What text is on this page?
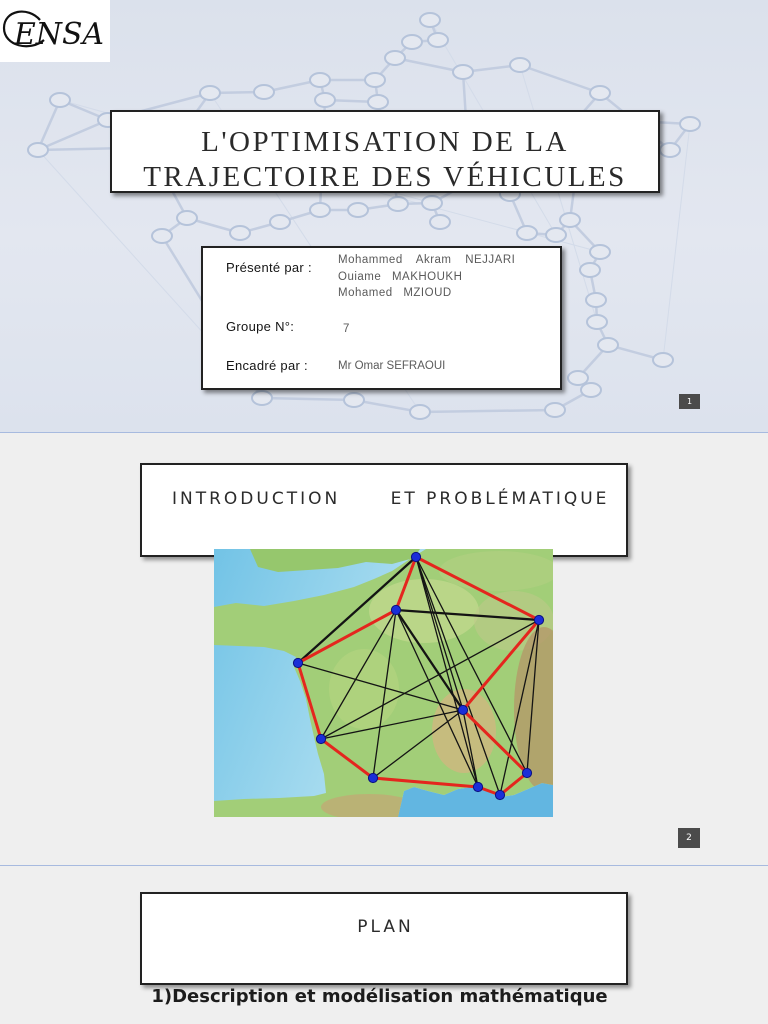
ENSA
L'OPTIMISATION DE LA
TRAJECTOIRE DES VÉHICULES
Présenté par : Mohammed Akram NEJJARI
Ouiame MAKHOUKH
Mohamed MZIOUD
Groupe N°:	7
Encadré par :	Mr Omar SEFRAOUI
1
INTRODUCTION      ET PROBLÉMATIQUE
2
PLAN
1)Description et modélisation mathématique
